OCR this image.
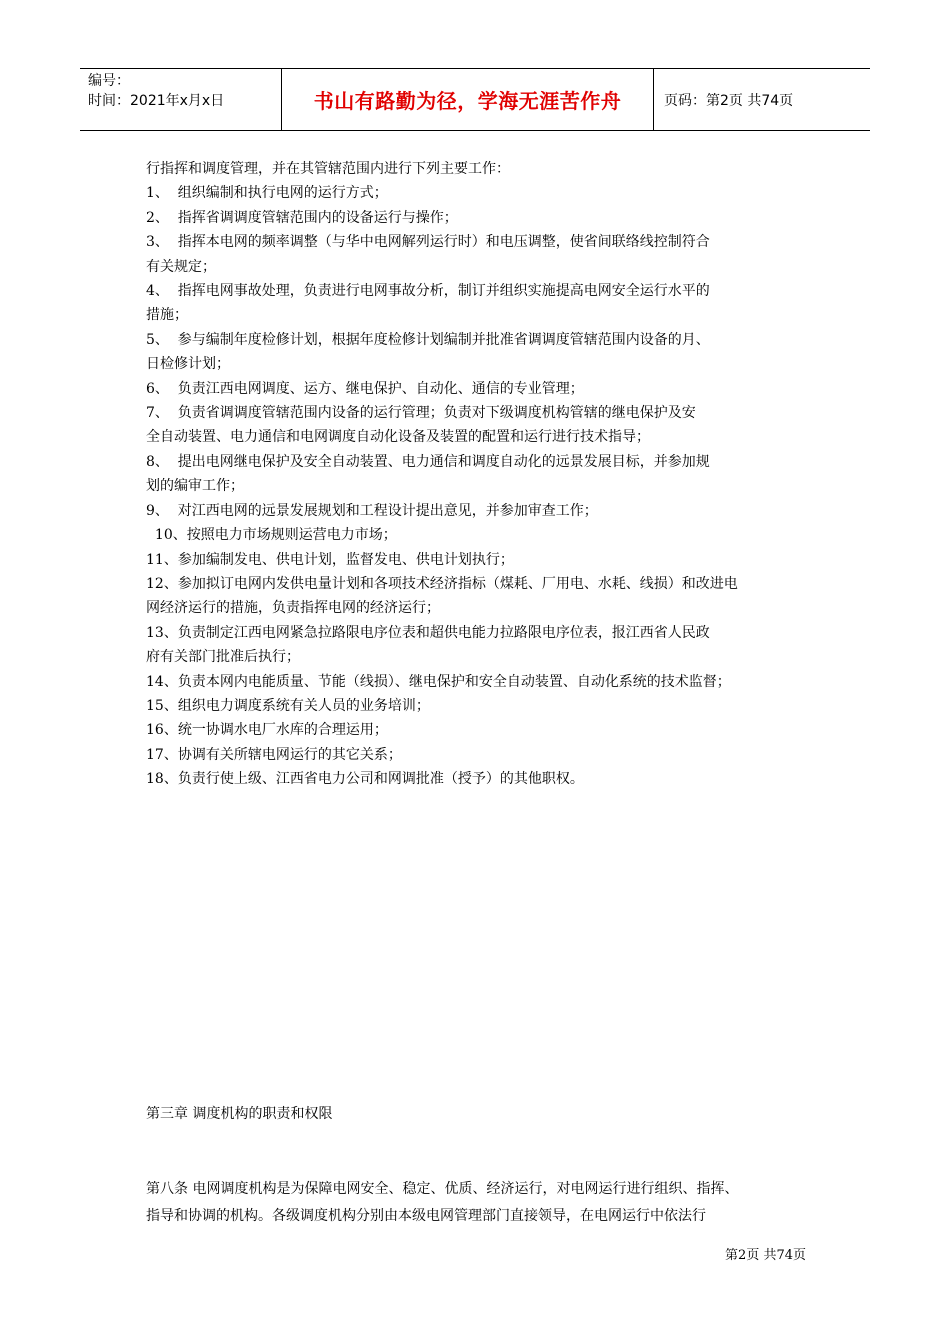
编号：
时间：2021年x月x日	书山有路勤为径，学海无涯苦作舟	页码：第2页 共74页

行指挥和调度管理，并在其管辖范围内进行下列主要工作：

1、  组织编制和执行电网的运行方式；

2、  指挥省调调度管辖范围内的设备运行与操作；

3、  指挥本电网的频率调整（与华中电网解列运行时）和电压调整，使省间联络线控制符合

有关规定；

4、  指挥电网事故处理，负责进行电网事故分析，制订并组织实施提高电网安全运行水平的

措施；

5、  参与编制年度检修计划，根据年度检修计划编制并批准省调调度管辖范围内设备的月、

日检修计划；

6、  负责江西电网调度、运方、继电保护、自动化、通信的专业管理；

7、  负责省调调度管辖范围内设备的运行管理；负责对下级调度机构管辖的继电保护及安

全自动装置、电力通信和电网调度自动化设备及装置的配置和运行进行技术指导；

8、  提出电网继电保护及安全自动装置、电力通信和调度自动化的远景发展目标，并参加规

划的编审工作；

9、  对江西电网的远景发展规划和工程设计提出意见，并参加审查工作；

10、按照电力市场规则运营电力市场；

11、参加编制发电、供电计划，监督发电、供电计划执行；

12、参加拟订电网内发供电量计划和各项技术经济指标（煤耗、厂用电、水耗、线损）和改进电

网经济运行的措施，负责指挥电网的经济运行；

13、负责制定江西电网紧急拉路限电序位表和超供电能力拉路限电序位表，报江西省人民政

府有关部门批准后执行；

14、负责本网内电能质量、节能（线损）、继电保护和安全自动装置、自动化系统的技术监督；

15、组织电力调度系统有关人员的业务培训；

16、统一协调水电厂水库的合理运用；

17、协调有关所辖电网运行的其它关系；

18、负责行使上级、江西省电力公司和网调批准（授予）的其他职权。

第三章 调度机构的职责和权限

第八条 电网调度机构是为保障电网安全、稳定、优质、经济运行，对电网运行进行组织、指挥、

指导和协调的机构。各级调度机构分别由本级电网管理部门直接领导，在电网运行中依法行

第2页 共74页
